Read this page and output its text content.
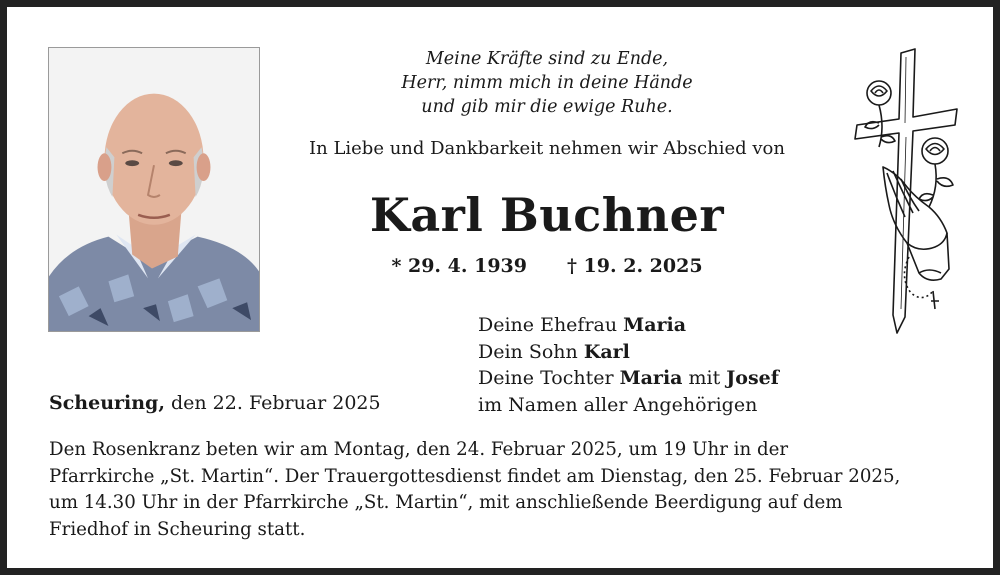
Meine Kräfte sind zu Ende,
Herr, nimm mich in deine Hände
und gib mir die ewige Ruhe.
In Liebe und Dankbarkeit nehmen wir Abschied von
Karl Buchner
* 29. 4. 1939 † 19. 2. 2025
Deine Ehefrau Maria
Dein Sohn Karl
Deine Tochter Maria mit Josef
im Namen aller Angehörigen
Scheuring, den 22. Februar 2025
Den Rosenkranz beten wir am Montag, den 24. Februar 2025, um 19 Uhr in der
Pfarrkirche „St. Martin“. Der Trauergottesdienst findet am Dienstag, den 25. Februar 2025,
um 14.30 Uhr in der Pfarrkirche „St. Martin“, mit anschließende Beerdigung auf dem
Friedhof in Scheuring statt.
